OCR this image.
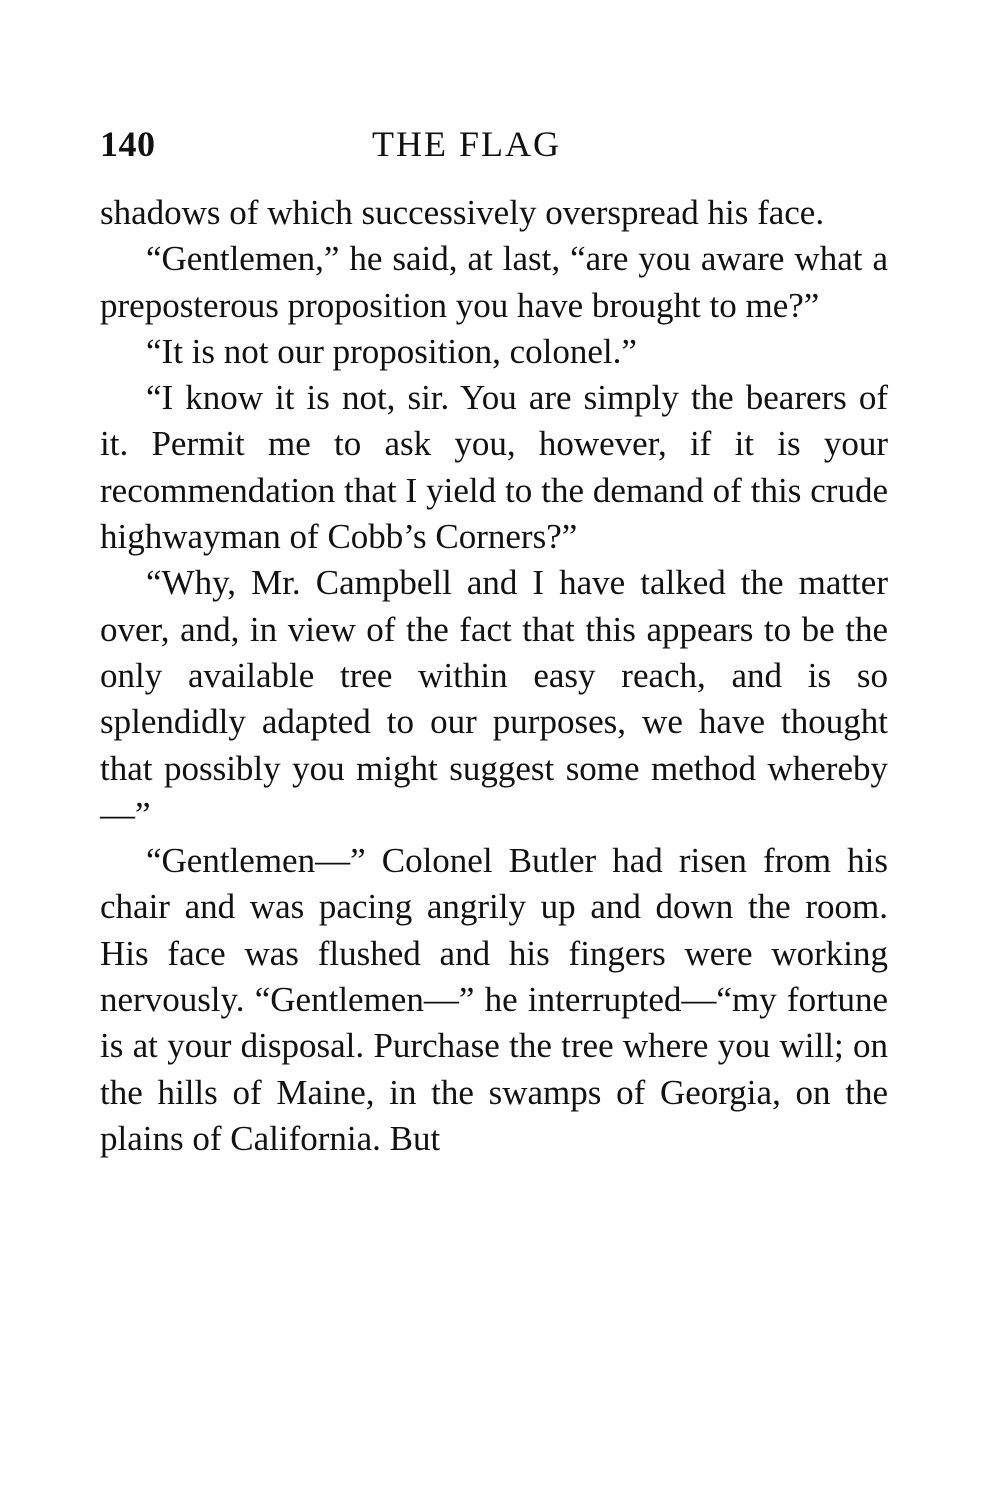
140	THE FLAG

shadows of which successively overspread his face.

“Gentlemen,” he said, at last, “are you aware what a preposterous proposition you have brought to me?”

“It is not our proposition, colonel.”

“I know it is not, sir. You are simply the bearers of it. Permit me to ask you, however, if it is your recommendation that I yield to the demand of this crude highwayman of Cobb’s Corners?”

“Why, Mr. Campbell and I have talked the matter over, and, in view of the fact that this appears to be the only available tree within easy reach, and is so splendidly adapted to our purposes, we have thought that possibly you might suggest some method whereby—”

“Gentlemen—” Colonel Butler had risen from his chair and was pacing angrily up and down the room. His face was flushed and his fingers were working nervously. “Gentlemen—” he interrupted—“my fortune is at your disposal. Purchase the tree where you will; on the hills of Maine, in the swamps of Georgia, on the plains of California. But
